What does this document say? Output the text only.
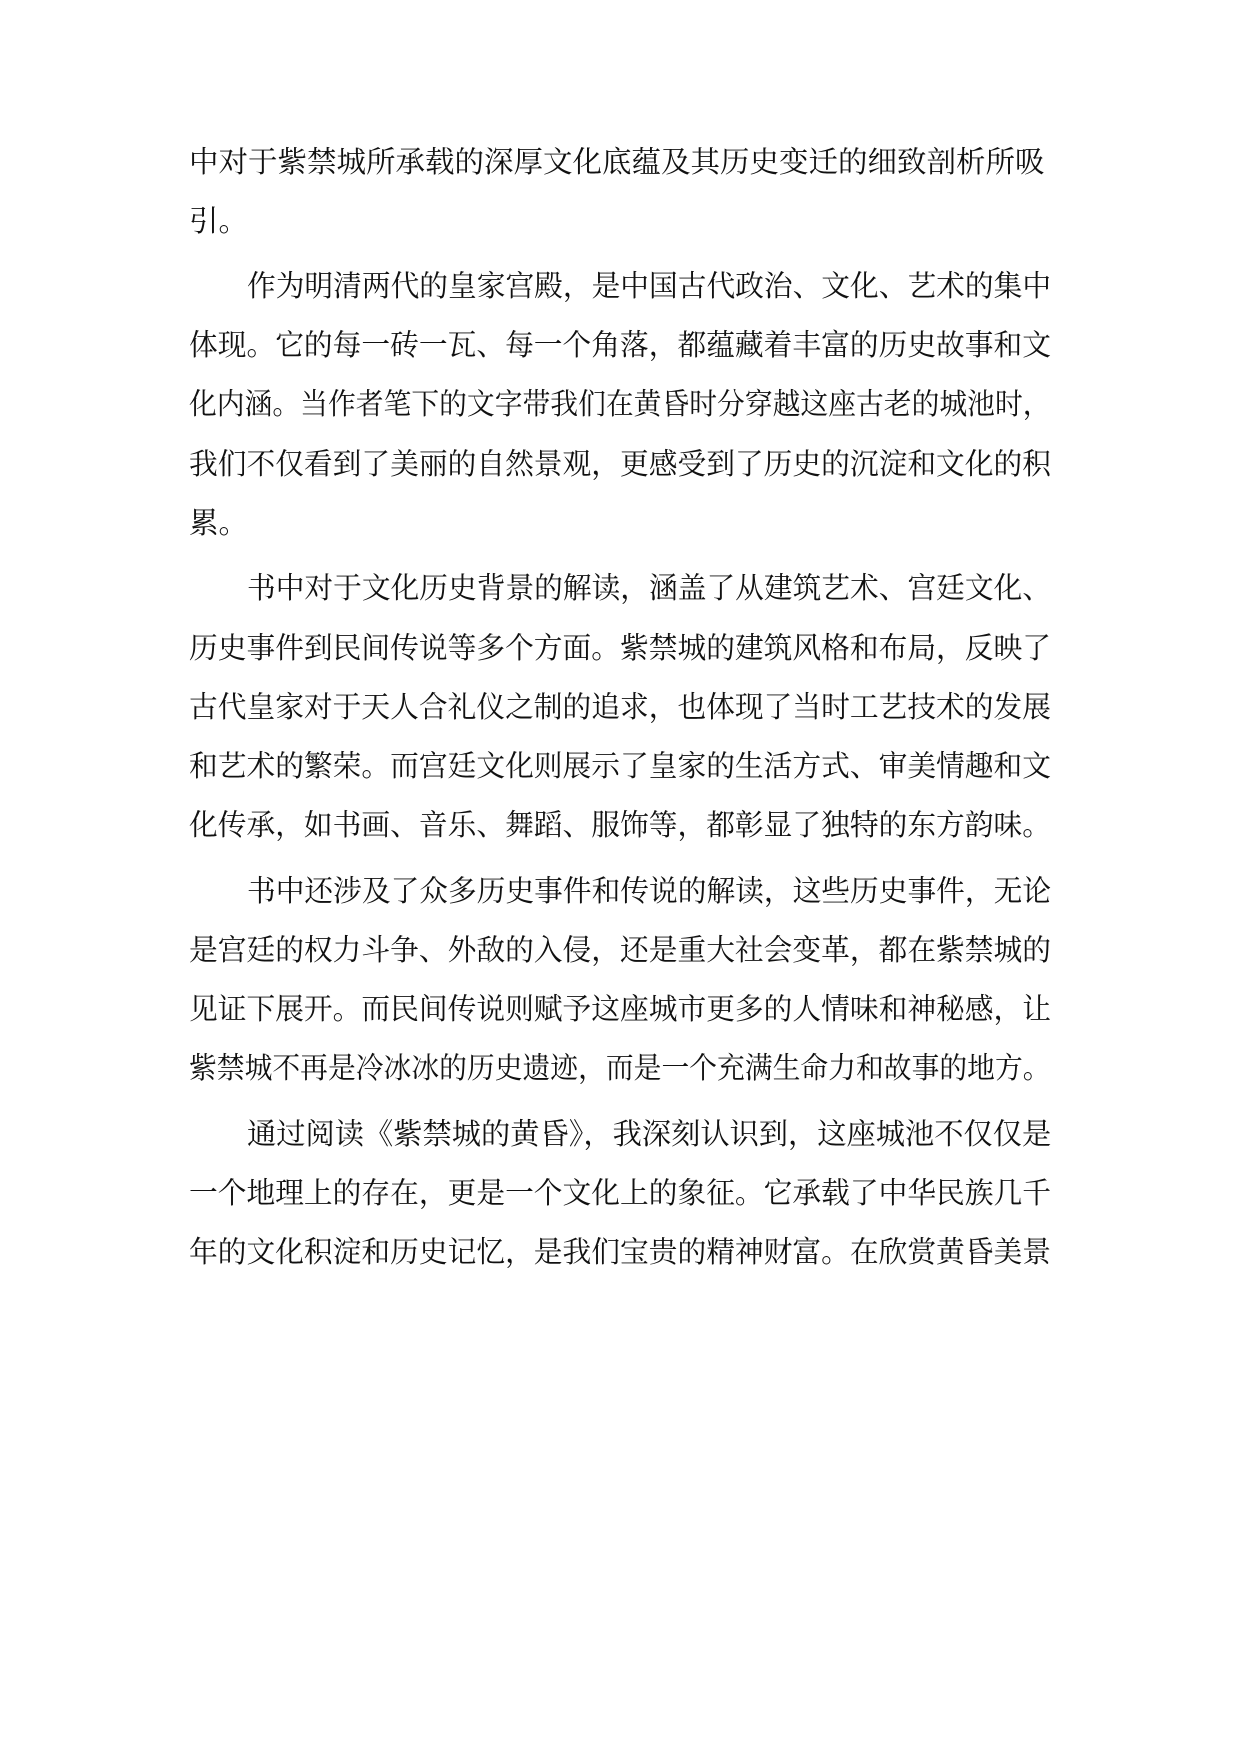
中对于紫禁城所承载的深厚文化底蕴及其历史变迁的细致剖析所吸
引。
作为明清两代的皇家宫殿，是中国古代政治、文化、艺术的集中
体现。它的每一砖一瓦、每一个角落，都蕴藏着丰富的历史故事和文
化内涵。当作者笔下的文字带我们在黄昏时分穿越这座古老的城池时，
我们不仅看到了美丽的自然景观，更感受到了历史的沉淀和文化的积
累。
书中对于文化历史背景的解读，涵盖了从建筑艺术、宫廷文化、
历史事件到民间传说等多个方面。紫禁城的建筑风格和布局，反映了
古代皇家对于天人合礼仪之制的追求，也体现了当时工艺技术的发展
和艺术的繁荣。而宫廷文化则展示了皇家的生活方式、审美情趣和文
化传承，如书画、音乐、舞蹈、服饰等，都彰显了独特的东方韵味。
书中还涉及了众多历史事件和传说的解读，这些历史事件，无论
是宫廷的权力斗争、外敌的入侵，还是重大社会变革，都在紫禁城的
见证下展开。而民间传说则赋予这座城市更多的人情味和神秘感，让
紫禁城不再是冷冰冰的历史遗迹，而是一个充满生命力和故事的地方。
通过阅读《紫禁城的黄昏》，我深刻认识到，这座城池不仅仅是
一个地理上的存在，更是一个文化上的象征。它承载了中华民族几千
年的文化积淀和历史记忆，是我们宝贵的精神财富。在欣赏黄昏美景
